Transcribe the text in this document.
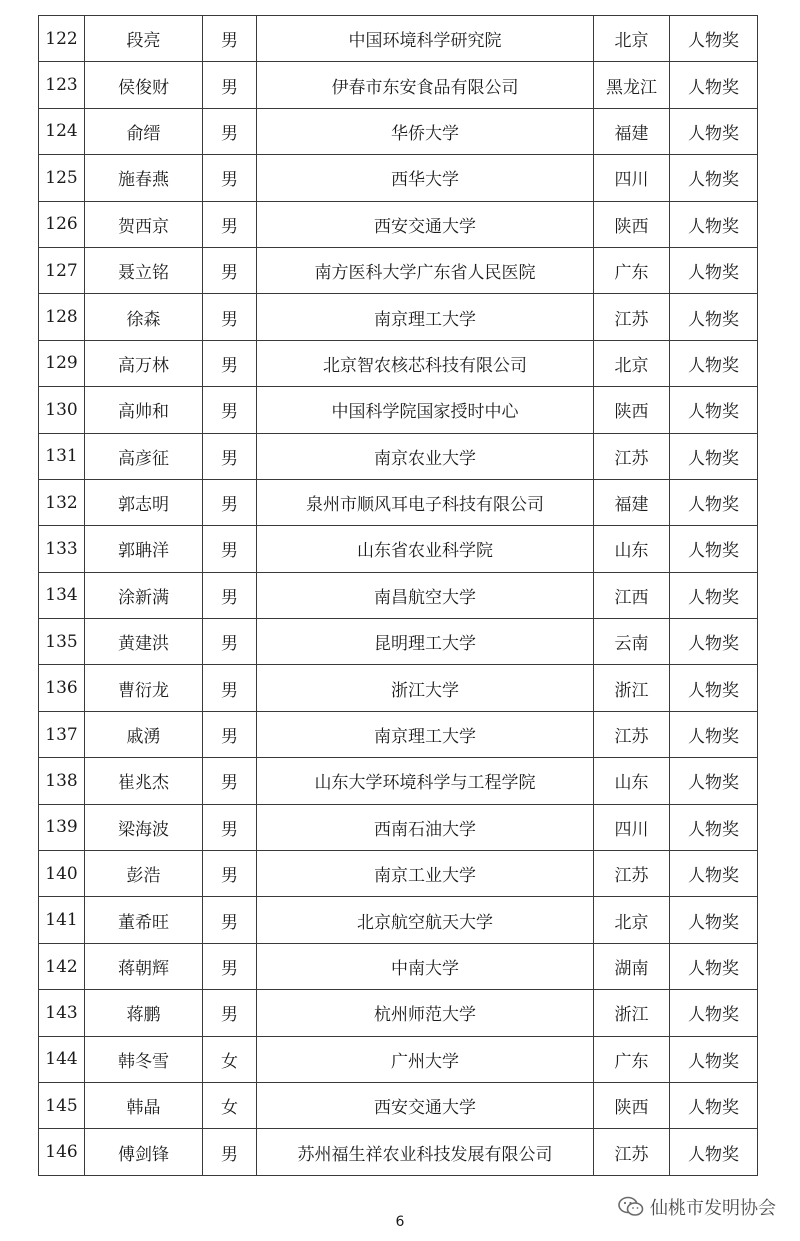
122	段亮	男	中国环境科学研究院	北京	人物奖
123	侯俊财	男	伊春市东安食品有限公司	黑龙江	人物奖
124	俞缙	男	华侨大学	福建	人物奖
125	施春燕	男	西华大学	四川	人物奖
126	贺西京	男	西安交通大学	陕西	人物奖
127	聂立铭	男	南方医科大学广东省人民医院	广东	人物奖
128	徐森	男	南京理工大学	江苏	人物奖
129	高万林	男	北京智农核芯科技有限公司	北京	人物奖
130	高帅和	男	中国科学院国家授时中心	陕西	人物奖
131	高彦征	男	南京农业大学	江苏	人物奖
132	郭志明	男	泉州市顺风耳电子科技有限公司	福建	人物奖
133	郭聃洋	男	山东省农业科学院	山东	人物奖
134	涂新满	男	南昌航空大学	江西	人物奖
135	黄建洪	男	昆明理工大学	云南	人物奖
136	曹衍龙	男	浙江大学	浙江	人物奖
137	戚湧	男	南京理工大学	江苏	人物奖
138	崔兆杰	男	山东大学环境科学与工程学院	山东	人物奖
139	梁海波	男	西南石油大学	四川	人物奖
140	彭浩	男	南京工业大学	江苏	人物奖
141	董希旺	男	北京航空航天大学	北京	人物奖
142	蒋朝辉	男	中南大学	湖南	人物奖
143	蒋鹏	男	杭州师范大学	浙江	人物奖
144	韩冬雪	女	广州大学	广东	人物奖
145	韩晶	女	西安交通大学	陕西	人物奖
146	傅剑锋	男	苏州福生祥农业科技发展有限公司	江苏	人物奖
6
仙桃市发明协会
